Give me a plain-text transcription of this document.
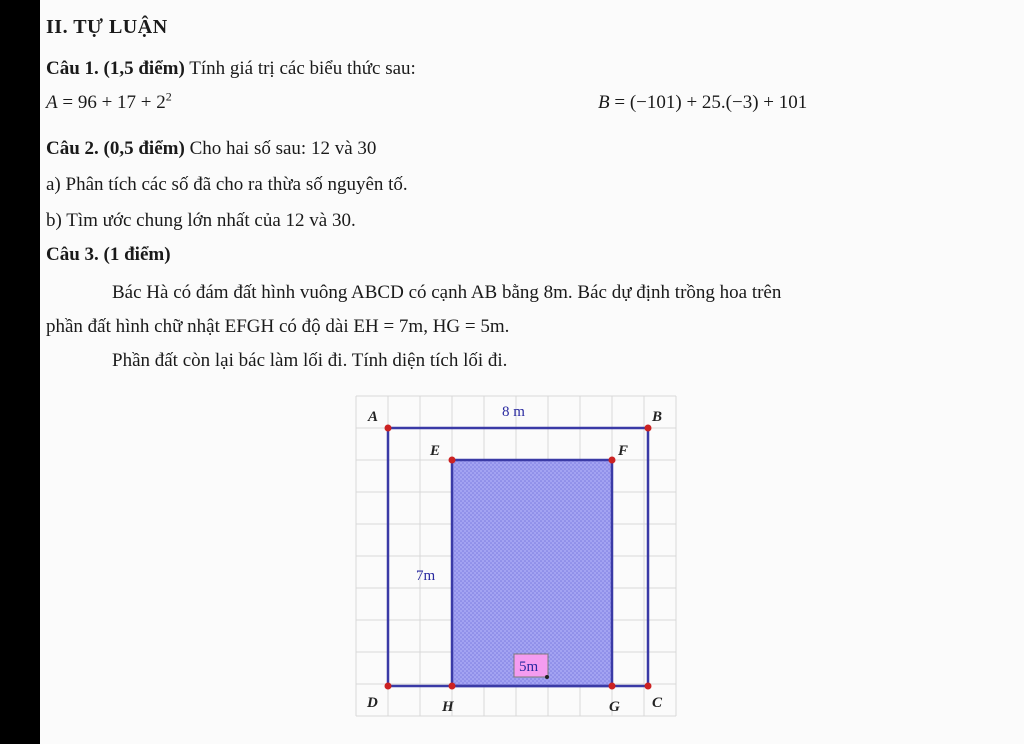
II. TỰ LUẬN
Câu 1. (1,5 điểm) Tính giá trị các biểu thức sau:
$A = 96 + 17 + 2^2$	B = (−101) + 25.(−3) + 101
Câu 2. (0,5 điểm) Cho hai số sau: 12 và 30
a) Phân tích các số đã cho ra thừa số nguyên tố.
b) Tìm ước chung lớn nhất của 12 và 30.
Câu 3. (1 điểm)
Bác Hà có đám đất hình vuông ABCD có cạnh AB bằng 8m. Bác dự định trồng hoa trên
phần đất hình chữ nhật EFGH có độ dài EH = 7m, HG = 5m.
Phần đất còn lại bác làm lối đi. Tính diện tích lối đi.
A	B
C
D
E	F
G
H
8 m
7m
5m
